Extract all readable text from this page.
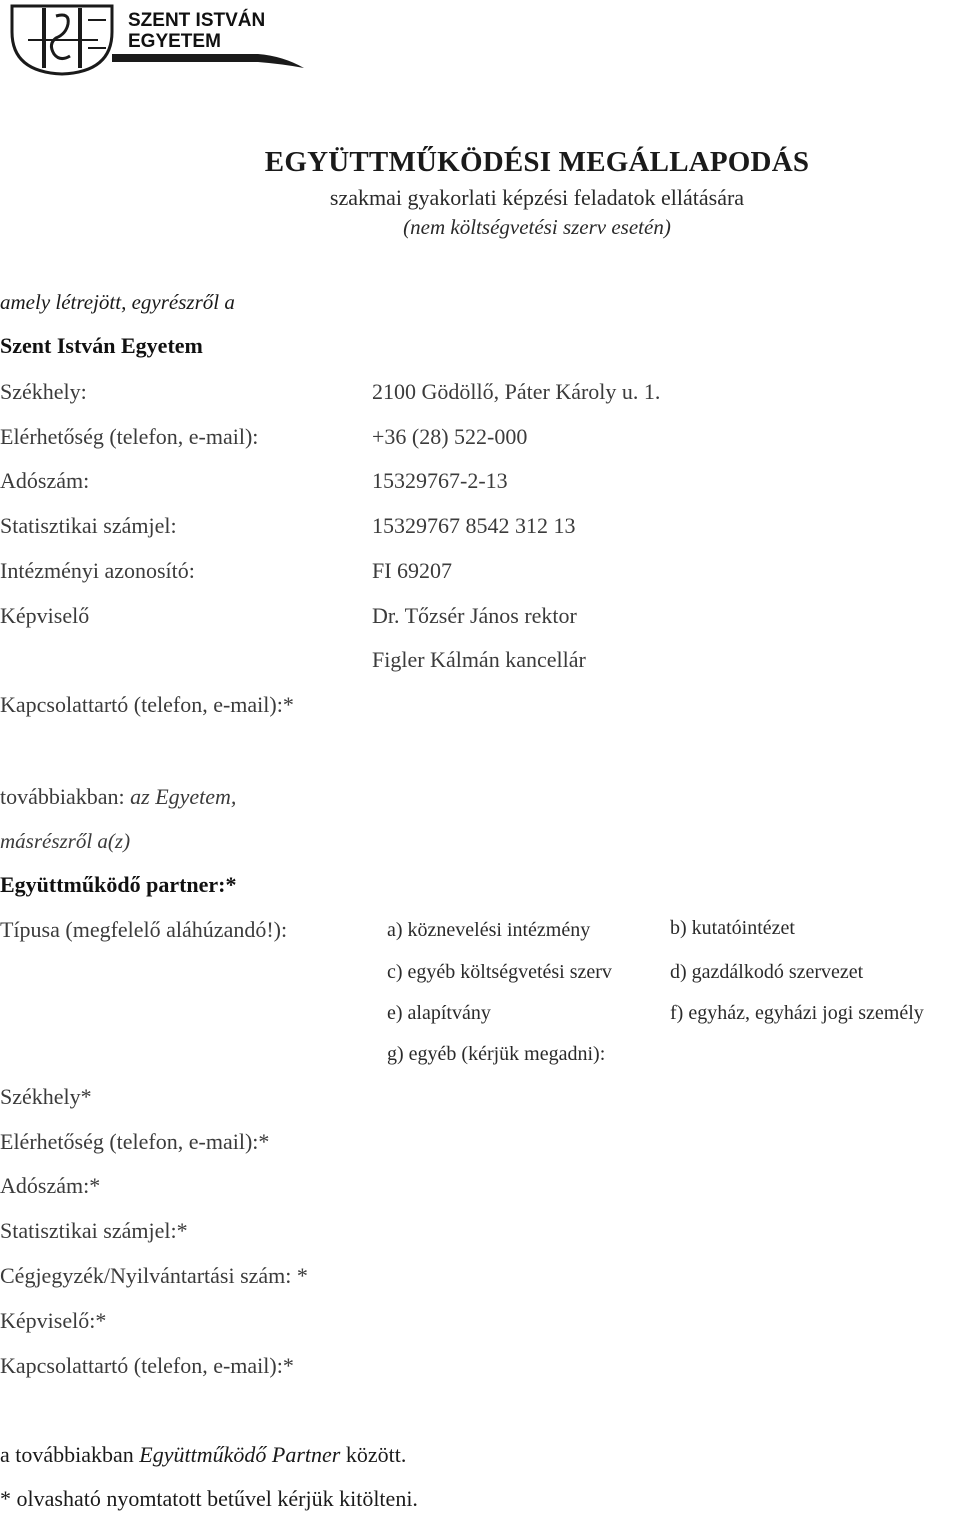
SZENT ISTVÁN
EGYETEM
EGYÜTTMŰKÖDÉSI MEGÁLLAPODÁS
szakmai gyakorlati képzési feladatok ellátására
(nem költségvetési szerv esetén)
amely létrejött, egyrészről a
Szent István Egyetem
Székhely:	2100 Gödöllő, Páter Károly u. 1.
Elérhetőség (telefon, e-mail):	+36 (28) 522-000
Adószám:	15329767-2-13
Statisztikai számjel:	15329767 8542 312 13
Intézményi azonosító:	FI 69207
Képviselő	Dr. Tőzsér János rektor
Figler Kálmán kancellár
Kapcsolattartó (telefon, e-mail):*
továbbiakban: az Egyetem,
másrészről a(z)
Együttműködő partner:*
Típusa (megfelelő aláhúzandó!):	a) köznevelési intézmény	b) kutatóintézet
c) egyéb költségvetési szerv	d) gazdálkodó szervezet
e) alapítvány	f) egyház, egyházi jogi személy
g) egyéb (kérjük megadni):
Székhely*
Elérhetőség (telefon, e-mail):*
Adószám:*
Statisztikai számjel:*
Cégjegyzék/Nyilvántartási szám: *
Képviselő:*
Kapcsolattartó (telefon, e-mail):*
a továbbiakban Együttműködő Partner között.
* olvasható nyomtatott betűvel kérjük kitölteni.
